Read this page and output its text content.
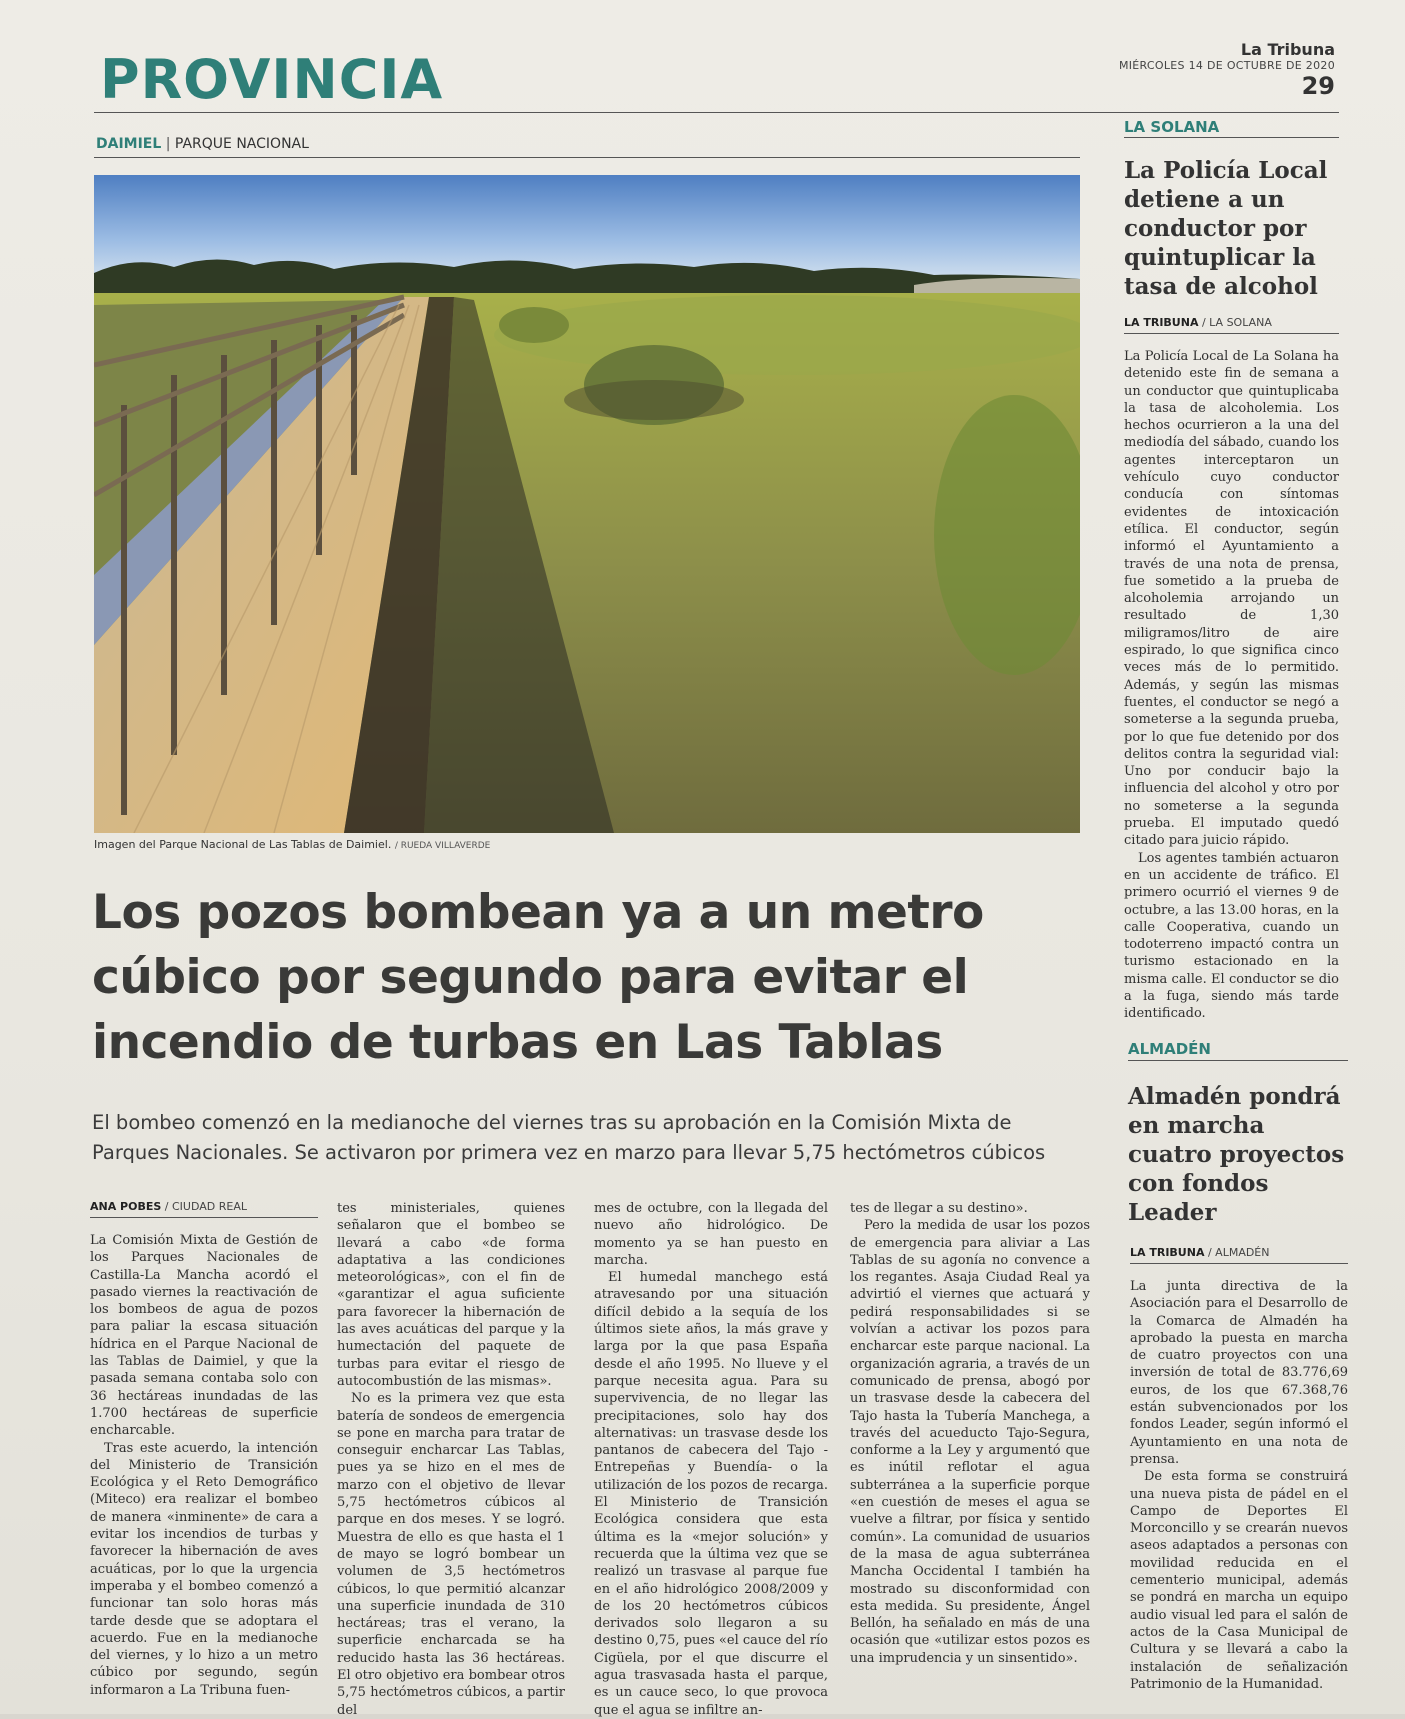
PROVINCIA	La Tribuna
MIÉRCOLES 14 DE OCTUBRE DE 2020
29
DAIMIEL | PARQUE NACIONAL
Imagen del Parque Nacional de Las Tablas de Daimiel. / RUEDA VILLAVERDE
Los pozos bombean ya a un metro cúbico por segundo para evitar el incendio de turbas en Las Tablas
El bombeo comenzó en la medianoche del viernes tras su aprobación en la Comisión Mixta de Parques Nacionales. Se activaron por primera vez en marzo para llevar 5,75 hectómetros cúbicos
ANA POBES / CIUDAD REAL

La Comisión Mixta de Gestión de los Parques Nacionales de Castilla-La Mancha acordó el pasado viernes la reactivación de los bombeos de agua de pozos para paliar la escasa situación hídrica en el Parque Nacional de las Tablas de Daimiel, y que la pasada semana contaba solo con 36 hectáreas inundadas de las 1.700 hectáreas de superficie encharcable.

Tras este acuerdo, la intención del Ministerio de Transición Ecológica y el Reto Demográfico (Miteco) era realizar el bombeo de manera «inminente» de cara a evitar los incendios de turbas y favorecer la hibernación de aves acuáticas, por lo que la urgencia imperaba y el bombeo comenzó a funcionar tan solo horas más tarde desde que se adoptara el acuerdo. Fue en la medianoche del viernes, y lo hizo a un metro cúbico por segundo, según informaron a La Tribuna fuen-

tes ministeriales, quienes señalaron que el bombeo se llevará a cabo «de forma adaptativa a las condiciones meteorológicas», con el fin de «garantizar el agua suficiente para favorecer la hibernación de las aves acuáticas del parque y la humectación del paquete de turbas para evitar el riesgo de autocombustión de las mismas».

No es la primera vez que esta batería de sondeos de emergencia se pone en marcha para tratar de conseguir encharcar Las Tablas, pues ya se hizo en el mes de marzo con el objetivo de llevar 5,75 hectómetros cúbicos al parque en dos meses. Y se logró. Muestra de ello es que hasta el 1 de mayo se logró bombear un volumen de 3,5 hectómetros cúbicos, lo que permitió alcanzar una superficie inundada de 310 hectáreas; tras el verano, la superficie encharcada se ha reducido hasta las 36 hectáreas. El otro objetivo era bombear otros 5,75 hectómetros cúbicos, a partir del

mes de octubre, con la llegada del nuevo año hidrológico. De momento ya se han puesto en marcha.

El humedal manchego está atravesando por una situación difícil debido a la sequía de los últimos siete años, la más grave y larga por la que pasa España desde el año 1995. No llueve y el parque necesita agua. Para su supervivencia, de no llegar las precipitaciones, solo hay dos alternativas: un trasvase desde los pantanos de cabecera del Tajo -Entrepeñas y Buendía- o la utilización de los pozos de recarga. El Ministerio de Transición Ecológica considera que esta última es la «mejor solución» y recuerda que la última vez que se realizó un trasvase al parque fue en el año hidrológico 2008/2009 y de los 20 hectómetros cúbicos derivados solo llegaron a su destino 0,75, pues «el cauce del río Cigüela, por el que discurre el agua trasvasada hasta el parque, es un cauce seco, lo que provoca que el agua se infiltre an-

tes de llegar a su destino».

Pero la medida de usar los pozos de emergencia para aliviar a Las Tablas de su agonía no convence a los regantes. Asaja Ciudad Real ya advirtió el viernes que actuará y pedirá responsabilidades si se volvían a activar los pozos para encharcar este parque nacional. La organización agraria, a través de un comunicado de prensa, abogó por un trasvase desde la cabecera del Tajo hasta la Tubería Manchega, a través del acueducto Tajo-Segura, conforme a la Ley y argumentó que es inútil reflotar el agua subterránea a la superficie porque «en cuestión de meses el agua se vuelve a filtrar, por física y sentido común». La comunidad de usuarios de la masa de agua subterránea Mancha Occidental I también ha mostrado su disconformidad con esta medida. Su presidente, Ángel Bellón, ha señalado en más de una ocasión que «utilizar estos pozos es una imprudencia y un sinsentido».

LA SOLANA
La Policía Local detiene a un conductor por quintuplicar la tasa de alcohol
LA TRIBUNA / LA SOLANA

La Policía Local de La Solana ha detenido este fin de semana a un conductor que quintuplicaba la tasa de alcoholemia. Los hechos ocurrieron a la una del mediodía del sábado, cuando los agentes interceptaron un vehículo cuyo conductor conducía con síntomas evidentes de intoxicación etílica. El conductor, según informó el Ayuntamiento a través de una nota de prensa, fue sometido a la prueba de alcoholemia arrojando un resultado de 1,30 miligramos/litro de aire espirado, lo que significa cinco veces más de lo permitido. Además, y según las mismas fuentes, el conductor se negó a someterse a la segunda prueba, por lo que fue detenido por dos delitos contra la seguridad vial: Uno por conducir bajo la influencia del alcohol y otro por no someterse a la segunda prueba. El imputado quedó citado para juicio rápido.

Los agentes también actuaron en un accidente de tráfico. El primero ocurrió el viernes 9 de octubre, a las 13.00 horas, en la calle Cooperativa, cuando un todoterreno impactó contra un turismo estacionado en la misma calle. El conductor se dio a la fuga, siendo más tarde identificado.

ALMADÉN
Almadén pondrá en marcha cuatro proyectos con fondos Leader
LA TRIBUNA / ALMADÉN

La junta directiva de la Asociación para el Desarrollo de la Comarca de Almadén ha aprobado la puesta en marcha de cuatro proyectos con una inversión de total de 83.776,69 euros, de los que 67.368,76 están subvencionados por los fondos Leader, según informó el Ayuntamiento en una nota de prensa.

De esta forma se construirá una nueva pista de pádel en el Campo de Deportes El Morconcillo y se crearán nuevos aseos adaptados a personas con movilidad reducida en el cementerio municipal, además se pondrá en marcha un equipo audio visual led para el salón de actos de la Casa Municipal de Cultura y se llevará a cabo la instalación de señalización Patrimonio de la Humanidad.
